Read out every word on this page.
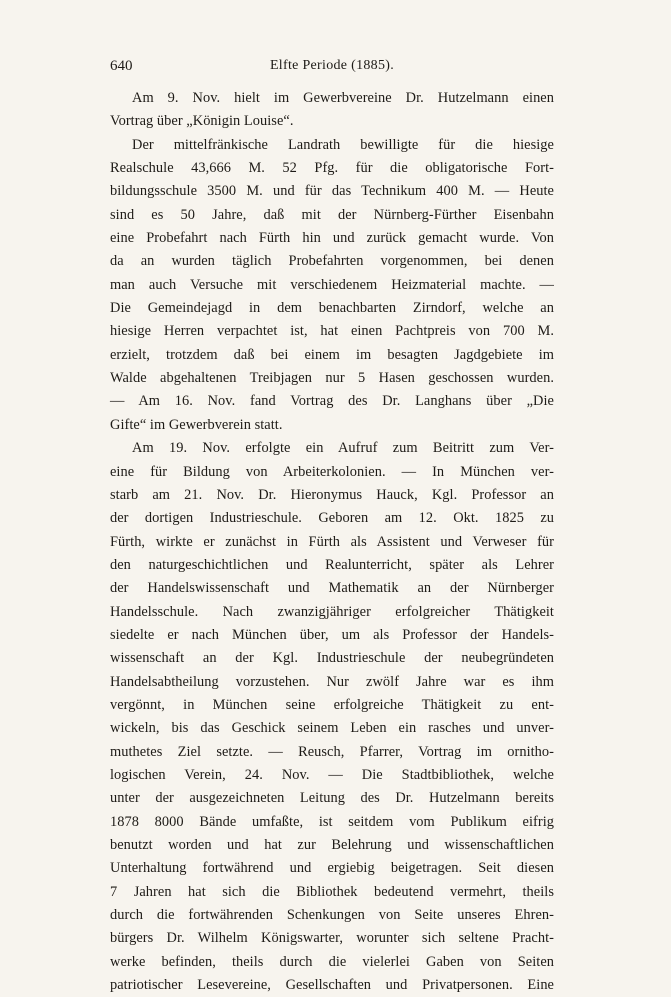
640	Elfte Periode (1885).
Am 9. Nov. hielt im Gewerbvereine Dr. Hutzelmann einen
Vortrag über „Königin Louise“.
Der mittelfränkische Landrath bewilligte für die hiesige
Realschule 43,666 M. 52 Pfg. für die obligatorische Fort-
bildungsschule 3500 M. und für das Technikum 400 M. — Heute
sind es 50 Jahre, daß mit der Nürnberg-Fürther Eisenbahn
eine Probefahrt nach Fürth hin und zurück gemacht wurde. Von
da an wurden täglich Probefahrten vorgenommen, bei denen
man auch Versuche mit verschiedenem Heizmaterial machte. —
Die Gemeindejagd in dem benachbarten Zirndorf, welche an
hiesige Herren verpachtet ist, hat einen Pachtpreis von 700 M.
erzielt, trotzdem daß bei einem im besagten Jagdgebiete im
Walde abgehaltenen Treibjagen nur 5 Hasen geschossen wurden.
— Am 16. Nov. fand Vortrag des Dr. Langhans über „Die
Gifte“ im Gewerbverein statt.
Am 19. Nov. erfolgte ein Aufruf zum Beitritt zum Ver-
eine für Bildung von Arbeiterkolonien. — In München ver-
starb am 21. Nov. Dr. Hieronymus Hauck, Kgl. Professor an
der dortigen Industrieschule. Geboren am 12. Okt. 1825 zu
Fürth, wirkte er zunächst in Fürth als Assistent und Verweser für
den naturgeschichtlichen und Realunterricht, später als Lehrer
der Handelswissenschaft und Mathematik an der Nürnberger
Handelsschule. Nach zwanzigjähriger erfolgreicher Thätigkeit
siedelte er nach München über, um als Professor der Handels-
wissenschaft an der Kgl. Industrieschule der neubegründeten
Handelsabtheilung vorzustehen. Nur zwölf Jahre war es ihm
vergönnt, in München seine erfolgreiche Thätigkeit zu ent-
wickeln, bis das Geschick seinem Leben ein rasches und unver-
muthetes Ziel setzte. — Reusch, Pfarrer, Vortrag im ornitho-
logischen Verein, 24. Nov. — Die Stadtbibliothek, welche
unter der ausgezeichneten Leitung des Dr. Hutzelmann bereits
1878 8000 Bände umfaßte, ist seitdem vom Publikum eifrig
benutzt worden und hat zur Belehrung und wissenschaftlichen
Unterhaltung fortwährend und ergiebig beigetragen. Seit diesen
7 Jahren hat sich die Bibliothek bedeutend vermehrt, theils
durch die fortwährenden Schenkungen von Seite unseres Ehren-
bürgers Dr. Wilhelm Königswarter, worunter sich seltene Pracht-
werke befinden, theils durch die vielerlei Gaben von Seiten
patriotischer Lesevereine, Gesellschaften und Privatpersonen. Eine
